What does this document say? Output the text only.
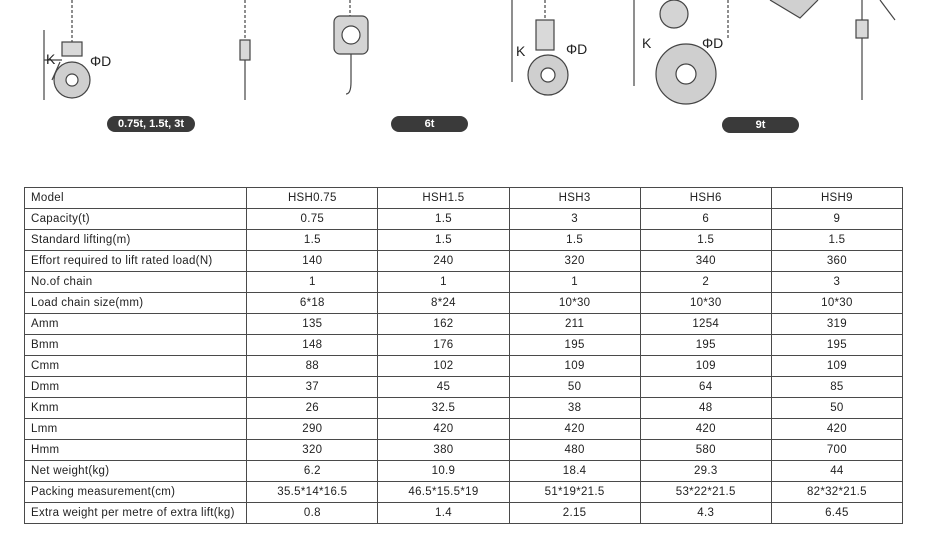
K ΦD
K	ΦD	K	ΦD
0.75t, 1.5t, 3t	6t	9t
Model	HSH0.75	HSH1.5	HSH3	HSH6	HSH9
Capacity(t)	0.75	1.5	3	6	9
Standard lifting(m)	1.5	1.5	1.5	1.5	1.5
Effort required to lift rated load(N)	140	240	320	340	360
No.of chain	1	1	1	2	3
Load chain size(mm)	6*18	8*24	10*30	10*30	10*30
Amm	135	162	211	1254	319
Bmm	148	176	195	195	195
Cmm	88	102	109	109	109
Dmm	37	45	50	64	85
Kmm	26	32.5	38	48	50
Lmm	290	420	420	420	420
Hmm	320	380	480	580	700
Net weight(kg)	6.2	10.9	18.4	29.3	44
Packing measurement(cm)	35.5*14*16.5	46.5*15.5*19	51*19*21.5	53*22*21.5	82*32*21.5
Extra weight per metre of extra lift(kg)	0.8	1.4	2.15	4.3	6.45
